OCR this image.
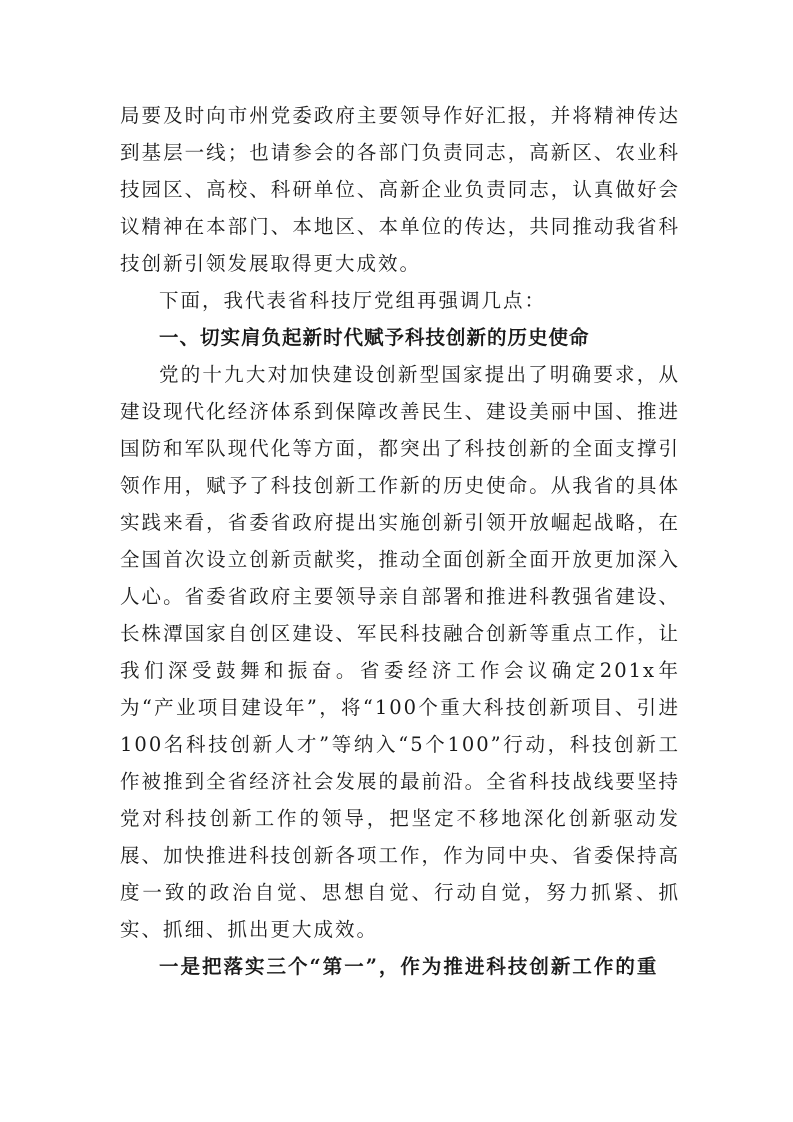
局要及时向市州党委政府主要领导作好汇报，并将精神传达到基层一线；也请参会的各部门负责同志，高新区、农业科技园区、高校、科研单位、高新企业负责同志，认真做好会议精神在本部门、本地区、本单位的传达，共同推动我省科技创新引领发展取得更大成效。

下面，我代表省科技厅党组再强调几点：

一、切实肩负起新时代赋予科技创新的历史使命

党的十九大对加快建设创新型国家提出了明确要求，从建设现代化经济体系到保障改善民生、建设美丽中国、推进国防和军队现代化等方面，都突出了科技创新的全面支撑引领作用，赋予了科技创新工作新的历史使命。从我省的具体实践来看，省委省政府提出实施创新引领开放崛起战略，在全国首次设立创新贡献奖，推动全面创新全面开放更加深入人心。省委省政府主要领导亲自部署和推进科教强省建设、长株潭国家自创区建设、军民科技融合创新等重点工作，让我们深受鼓舞和振奋。省委经济工作会议确定201x年为“产业项目建设年”，将“100个重大科技创新项目、引进100名科技创新人才”等纳入“5个100”行动，科技创新工作被推到全省经济社会发展的最前沿。全省科技战线要坚持党对科技创新工作的领导，把坚定不移地深化创新驱动发展、加快推进科技创新各项工作，作为同中央、省委保持高度一致的政治自觉、思想自觉、行动自觉，努力抓紧、抓实、抓细、抓出更大成效。

一是把落实三个“第一”，作为推进科技创新工作的重
